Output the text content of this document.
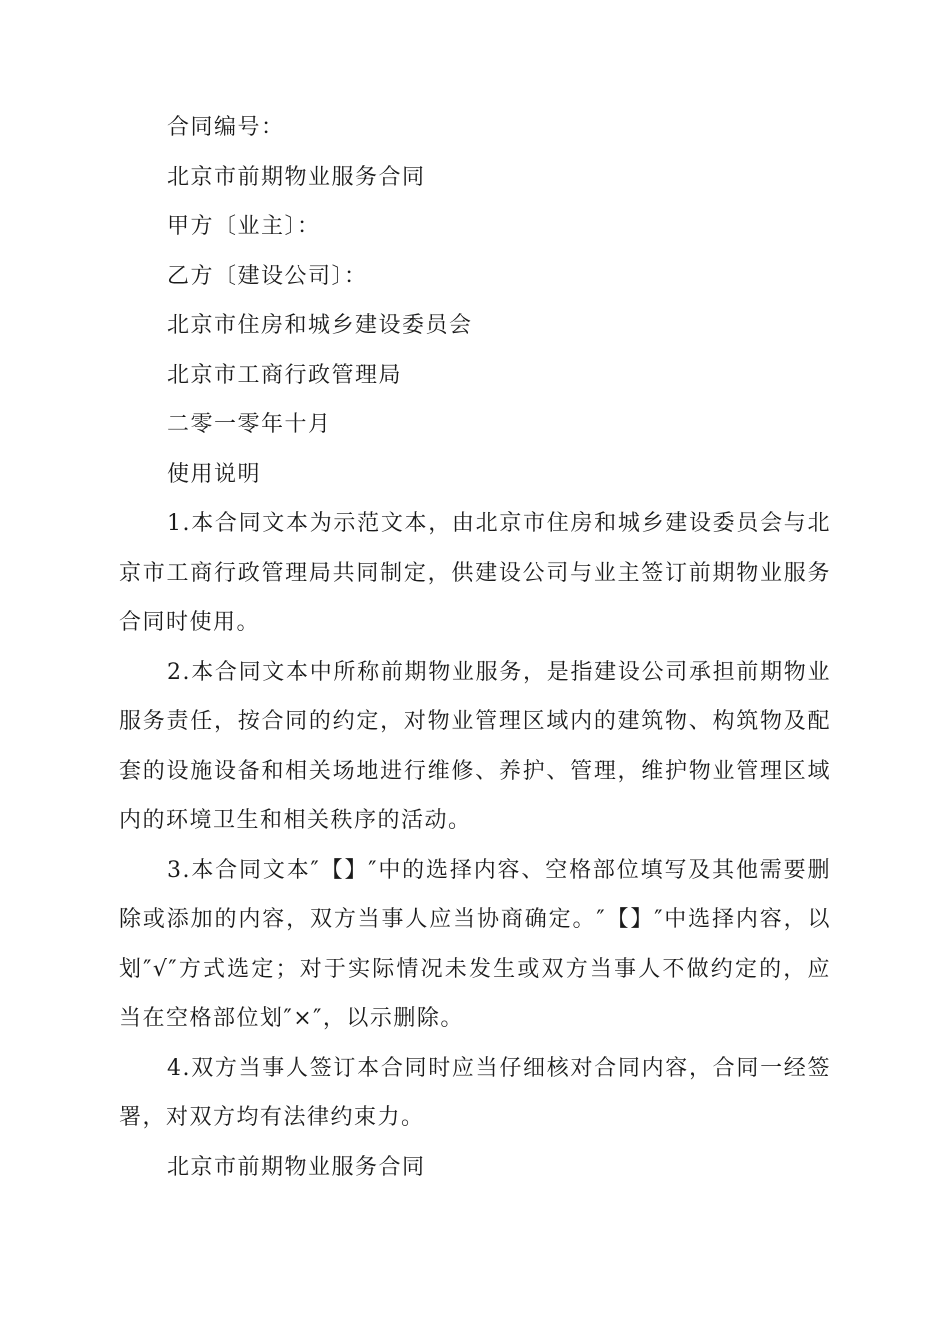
合同编号：

北京市前期物业服务合同

甲方〔业主〕：

乙方〔建设公司〕：

北京市住房和城乡建设委员会

北京市工商行政管理局

二零一零年十月

使用说明

1.本合同文本为示范文本，由北京市住房和城乡建设委员会与北京市工商行政管理局共同制定，供建设公司与业主签订前期物业服务合同时使用。

2.本合同文本中所称前期物业服务，是指建设公司承担前期物业服务责任，按合同的约定，对物业管理区域内的建筑物、构筑物及配套的设施设备和相关场地进行维修、养护、管理，维护物业管理区域内的环境卫生和相关秩序的活动。

3.本合同文本″【】″中的选择内容、空格部位填写及其他需要删除或添加的内容，双方当事人应当协商确定。″【】″中选择内容，以划″√″方式选定；对于实际情况未发生或双方当事人不做约定的，应当在空格部位划″×″，以示删除。

4.双方当事人签订本合同时应当仔细核对合同内容，合同一经签署，对双方均有法律约束力。

北京市前期物业服务合同
